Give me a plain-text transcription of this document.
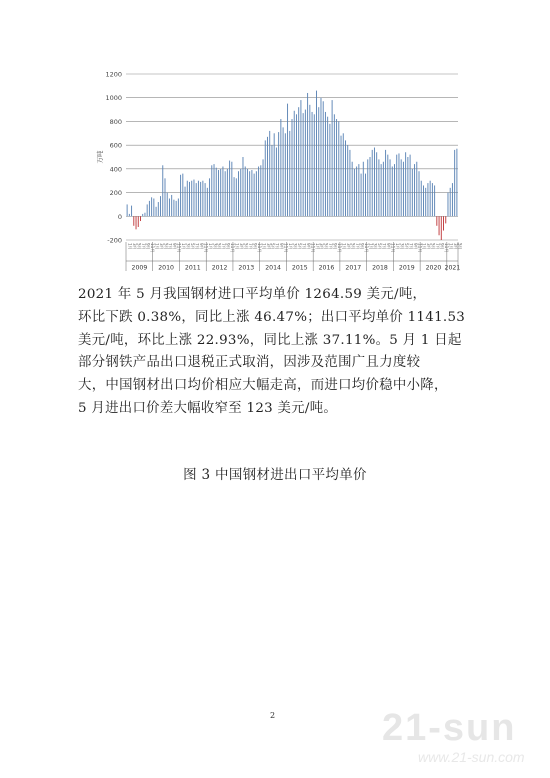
1200
1000
800
600
400
200
0
-200
万吨
2009
1月 3月 5月 7月 9月 11月
2010
1月 3月 5月 7月 9月 11月
2011
1月 3月 5月 7月 9月 11月
2012
1月 3月 5月 7月 9月 11月
2013
1月 3月 5月 7月 9月 11月
2014
1月 3月 5月 7月 9月 11月
2015
1月 3月 5月 7月 9月 11月
2016
1月 3月 5月 7月 9月 11月
2017
1月 3月 5月 7月 9月 11月
2018
1月 3月 5月 7月 9月 11月
2019
1月 3月 5月 7月 9月 11月
2020
1月 3月 5月 7月 9月 11月
2021
1月 3月 5月

2021 年 5 月我国钢材进口平均单价 1264.59 美元/吨，
环比下跌 0.38%，同比上涨 46.47%；出口平均单价 1141.53
美元/吨，环比上涨 22.93%，同比上涨 37.11%。5 月 1 日起
部分钢铁产品出口退税正式取消，因涉及范围广且力度较
大，中国钢材出口均价相应大幅走高，而进口均价稳中小降，
5 月进出口价差大幅收窄至 123 美元/吨。

图 3 中国钢材进出口平均单价
2	21-sun
www.21-sun.com
